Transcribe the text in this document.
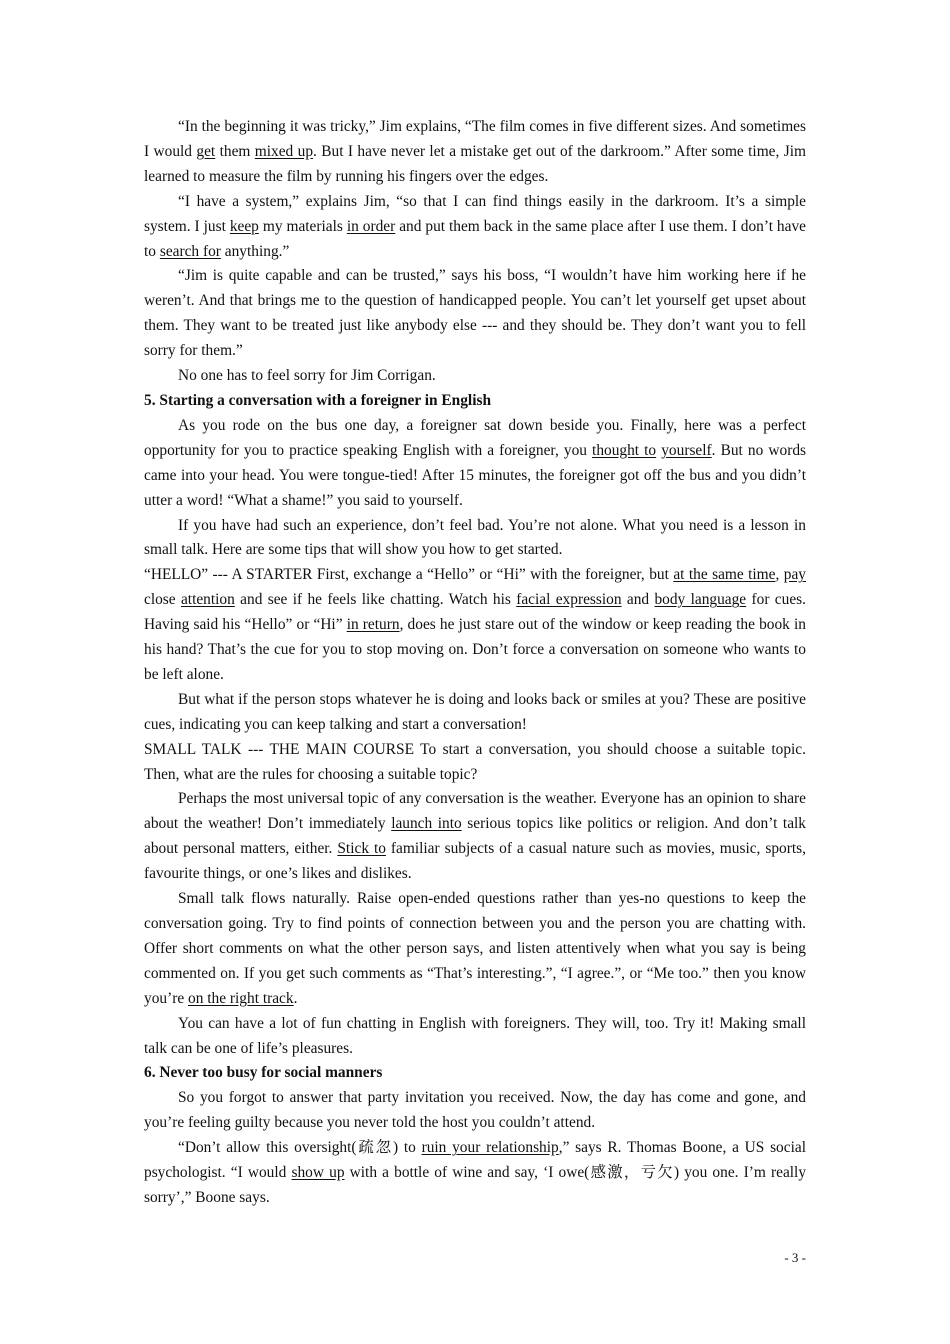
“In the beginning it was tricky,” Jim explains, “The film comes in five different sizes. And sometimes I would get them mixed up. But I have never let a mistake get out of the darkroom.” After some time, Jim learned to measure the film by running his fingers over the edges.

“I have a system,” explains Jim, “so that I can find things easily in the darkroom. It’s a simple system. I just keep my materials in order and put them back in the same place after I use them. I don’t have to search for anything.”

“Jim is quite capable and can be trusted,” says his boss, “I wouldn’t have him working here if he weren’t. And that brings me to the question of handicapped people. You can’t let yourself get upset about them. They want to be treated just like anybody else --- and they should be. They don’t want you to fell sorry for them.”

No one has to feel sorry for Jim Corrigan.

5. Starting a conversation with a foreigner in English

As you rode on the bus one day, a foreigner sat down beside you. Finally, here was a perfect opportunity for you to practice speaking English with a foreigner, you thought to yourself. But no words came into your head. You were tongue-tied! After 15 minutes, the foreigner got off the bus and you didn’t utter a word! “What a shame!” you said to yourself.

If you have had such an experience, don’t feel bad. You’re not alone. What you need is a lesson in small talk. Here are some tips that will show you how to get started.

“HELLO” --- A STARTER First, exchange a “Hello” or “Hi” with the foreigner, but at the same time, pay close attention and see if he feels like chatting. Watch his facial expression and body language for cues. Having said his “Hello” or “Hi” in return, does he just stare out of the window or keep reading the book in his hand? That’s the cue for you to stop moving on. Don’t force a conversation on someone who wants to be left alone.

But what if the person stops whatever he is doing and looks back or smiles at you? These are positive cues, indicating you can keep talking and start a conversation!

SMALL TALK --- THE MAIN COURSE To start a conversation, you should choose a suitable topic. Then, what are the rules for choosing a suitable topic?

Perhaps the most universal topic of any conversation is the weather. Everyone has an opinion to share about the weather! Don’t immediately launch into serious topics like politics or religion. And don’t talk about personal matters, either. Stick to familiar subjects of a casual nature such as movies, music, sports, favourite things, or one’s likes and dislikes.

Small talk flows naturally. Raise open-ended questions rather than yes-no questions to keep the conversation going. Try to find points of connection between you and the person you are chatting with. Offer short comments on what the other person says, and listen attentively when what you say is being commented on. If you get such comments as “That’s interesting.”, “I agree.”, or “Me too.” then you know you’re on the right track.

You can have a lot of fun chatting in English with foreigners. They will, too. Try it! Making small talk can be one of life’s pleasures.

6. Never too busy for social manners

So you forgot to answer that party invitation you received. Now, the day has come and gone, and you’re feeling guilty because you never told the host you couldn’t attend.

“Don’t allow this oversight(疏忽) to ruin your relationship,” says R. Thomas Boone, a US social psychologist. “I would show up with a bottle of wine and say, ‘I owe(感激，亏欠) you one. I’m really sorry’,” Boone says.

- 3 -
